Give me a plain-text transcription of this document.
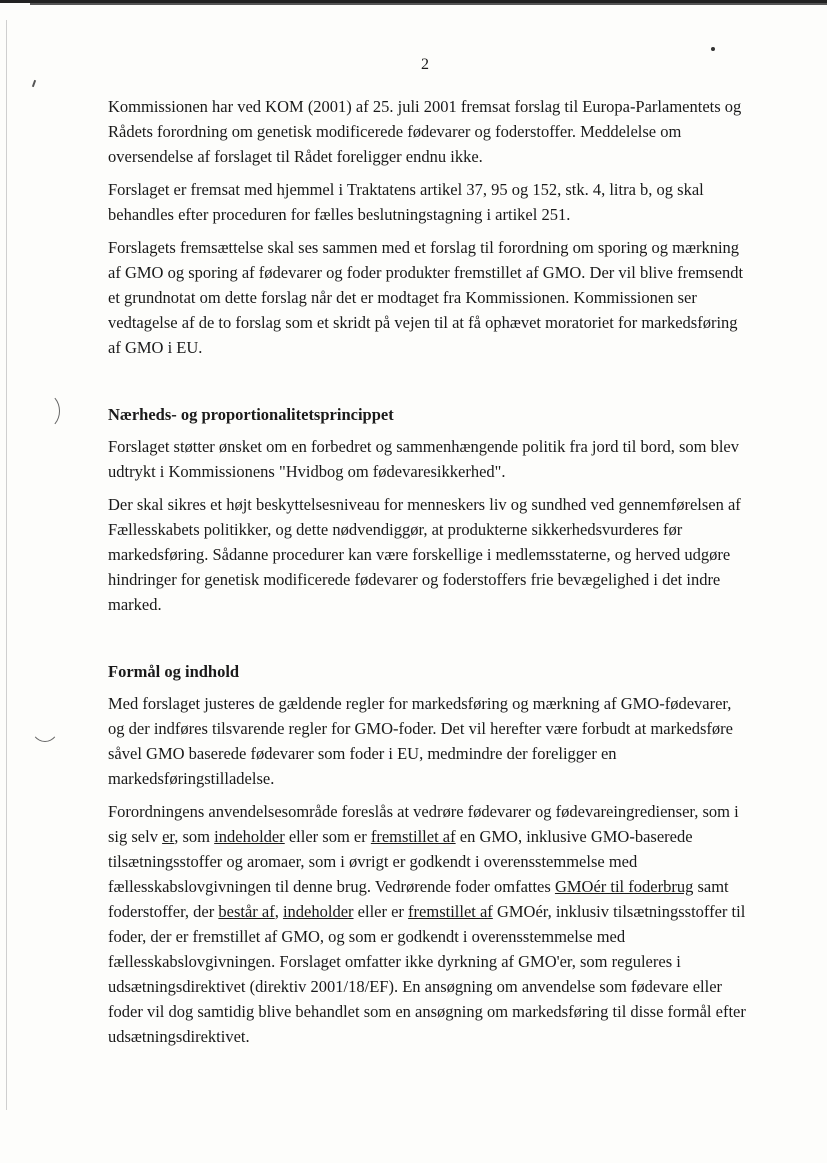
2

Kommissionen har ved KOM (2001) af 25. juli 2001 fremsat forslag til Europa-Parlamentets og Rådets forordning om genetisk modificerede fødevarer og foderstoffer. Meddelelse om oversendelse af forslaget til Rådet foreligger endnu ikke.

Forslaget er fremsat med hjemmel i Traktatens artikel 37, 95 og 152, stk. 4, litra b, og skal behandles efter proceduren for fælles beslutningstagning i artikel 251.

Forslagets fremsættelse skal ses sammen med et forslag til forordning om sporing og mærkning af GMO og sporing af fødevarer og foder produkter fremstillet af GMO. Der vil blive fremsendt et grundnotat om dette forslag når det er modtaget fra Kommissionen. Kommissionen ser vedtagelse af de to forslag som et skridt på vejen til at få ophævet moratoriet for markedsføring af GMO i EU.

Nærheds- og proportionalitetsprincippet

Forslaget støtter ønsket om en forbedret og sammenhængende politik fra jord til bord, som blev udtrykt i Kommissionens "Hvidbog om fødevaresikkerhed".

Der skal sikres et højt beskyttelsesniveau for menneskers liv og sundhed ved gennemførelsen af Fællesskabets politikker, og dette nødvendiggør, at produkterne sikkerhedsvurderes før markedsføring. Sådanne procedurer kan være forskellige i medlemsstaterne, og herved udgøre hindringer for genetisk modificerede fødevarer og foderstoffers frie bevægelighed i det indre marked.

Formål og indhold

Med forslaget justeres de gældende regler for markedsføring og mærkning af GMO-fødevarer, og der indføres tilsvarende regler for GMO-foder. Det vil herefter være forbudt at markedsføre såvel GMO baserede fødevarer som foder i EU, medmindre der foreligger en markedsføringstilladelse.

Forordningens anvendelsesområde foreslås at vedrøre fødevarer og fødevareingredienser, som i sig selv er, som indeholder eller som er fremstillet af en GMO, inklusive GMO-baserede tilsætningsstoffer og aromaer, som i øvrigt er godkendt i overensstemmelse med fællesskabslovgivningen til denne brug. Vedrørende foder omfattes GMOér til foderbrug samt foderstoffer, der består af, indeholder eller er fremstillet af GMOér, inklusiv tilsætningsstoffer til foder, der er fremstillet af GMO, og som er godkendt i overensstemmelse med fællesskabslovgivningen. Forslaget omfatter ikke dyrkning af GMO'er, som reguleres i udsætningsdirektivet (direktiv 2001/18/EF). En ansøgning om anvendelse som fødevare eller foder vil dog samtidig blive behandlet som en ansøgning om markedsføring til disse formål efter udsætningsdirektivet.
